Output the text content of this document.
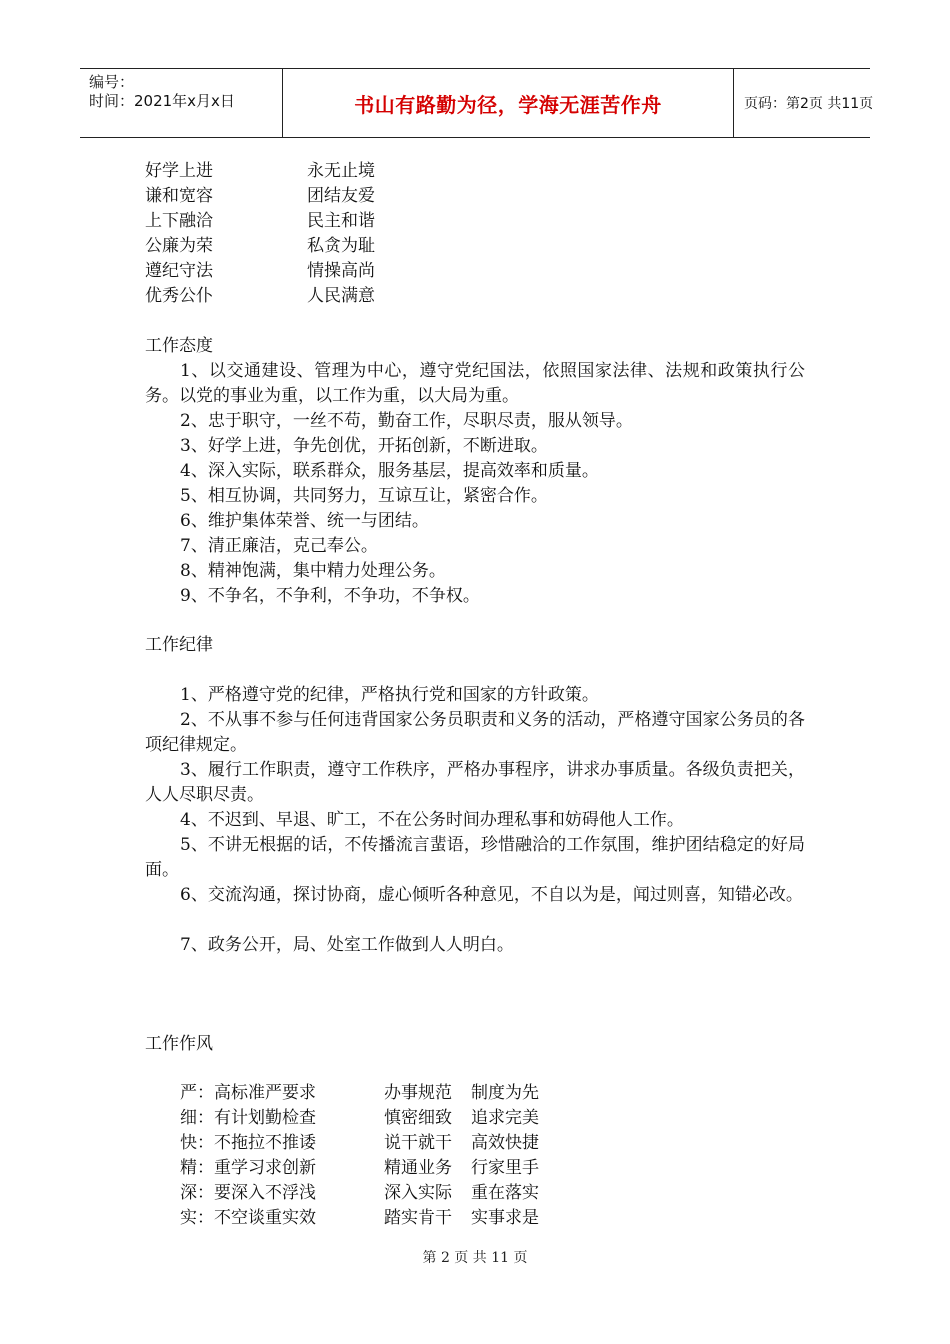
编号：
时间：2021年x月x日	书山有路勤为径，学海无涯苦作舟	页码：第2页 共11页
好学上进	永无止境
谦和宽容	团结友爱
上下融洽	民主和谐
公廉为荣	私贪为耻
遵纪守法	情操高尚
优秀公仆	人民满意
工作态度
1、以交通建设、管理为中心，遵守党纪国法，依照国家法律、法规和政策执行公务。以党的事业为重，以工作为重，以大局为重。
2、忠于职守，一丝不苟，勤奋工作，尽职尽责，服从领导。
3、好学上进，争先创优，开拓创新，不断进取。
4、深入实际，联系群众，服务基层，提高效率和质量。
5、相互协调，共同努力，互谅互让，紧密合作。
6、维护集体荣誉、统一与团结。
7、清正廉洁，克己奉公。
8、精神饱满，集中精力处理公务。
9、不争名，不争利，不争功，不争权。
工作纪律
1、严格遵守党的纪律，严格执行党和国家的方针政策。
2、不从事不参与任何违背国家公务员职责和义务的活动，严格遵守国家公务员的各项纪律规定。
3、履行工作职责，遵守工作秩序，严格办事程序，讲求办事质量。各级负责把关，人人尽职尽责。
4、不迟到、早退、旷工，不在公务时间办理私事和妨碍他人工作。
5、不讲无根据的话，不传播流言蜚语，珍惜融洽的工作氛围，维护团结稳定的好局面。
6、交流沟通，探讨协商，虚心倾听各种意见，不自以为是，闻过则喜，知错必改。
7、政务公开，局、处室工作做到人人明白。
工作作风
严：高标准严要求	办事规范 制度为先
细：有计划勤检查	慎密细致 追求完美
快：不拖拉不推诿	说干就干 高效快捷
精：重学习求创新	精通业务 行家里手
深：要深入不浮浅	深入实际 重在落实
实：不空谈重实效	踏实肯干 实事求是
第 2 页 共 11 页
